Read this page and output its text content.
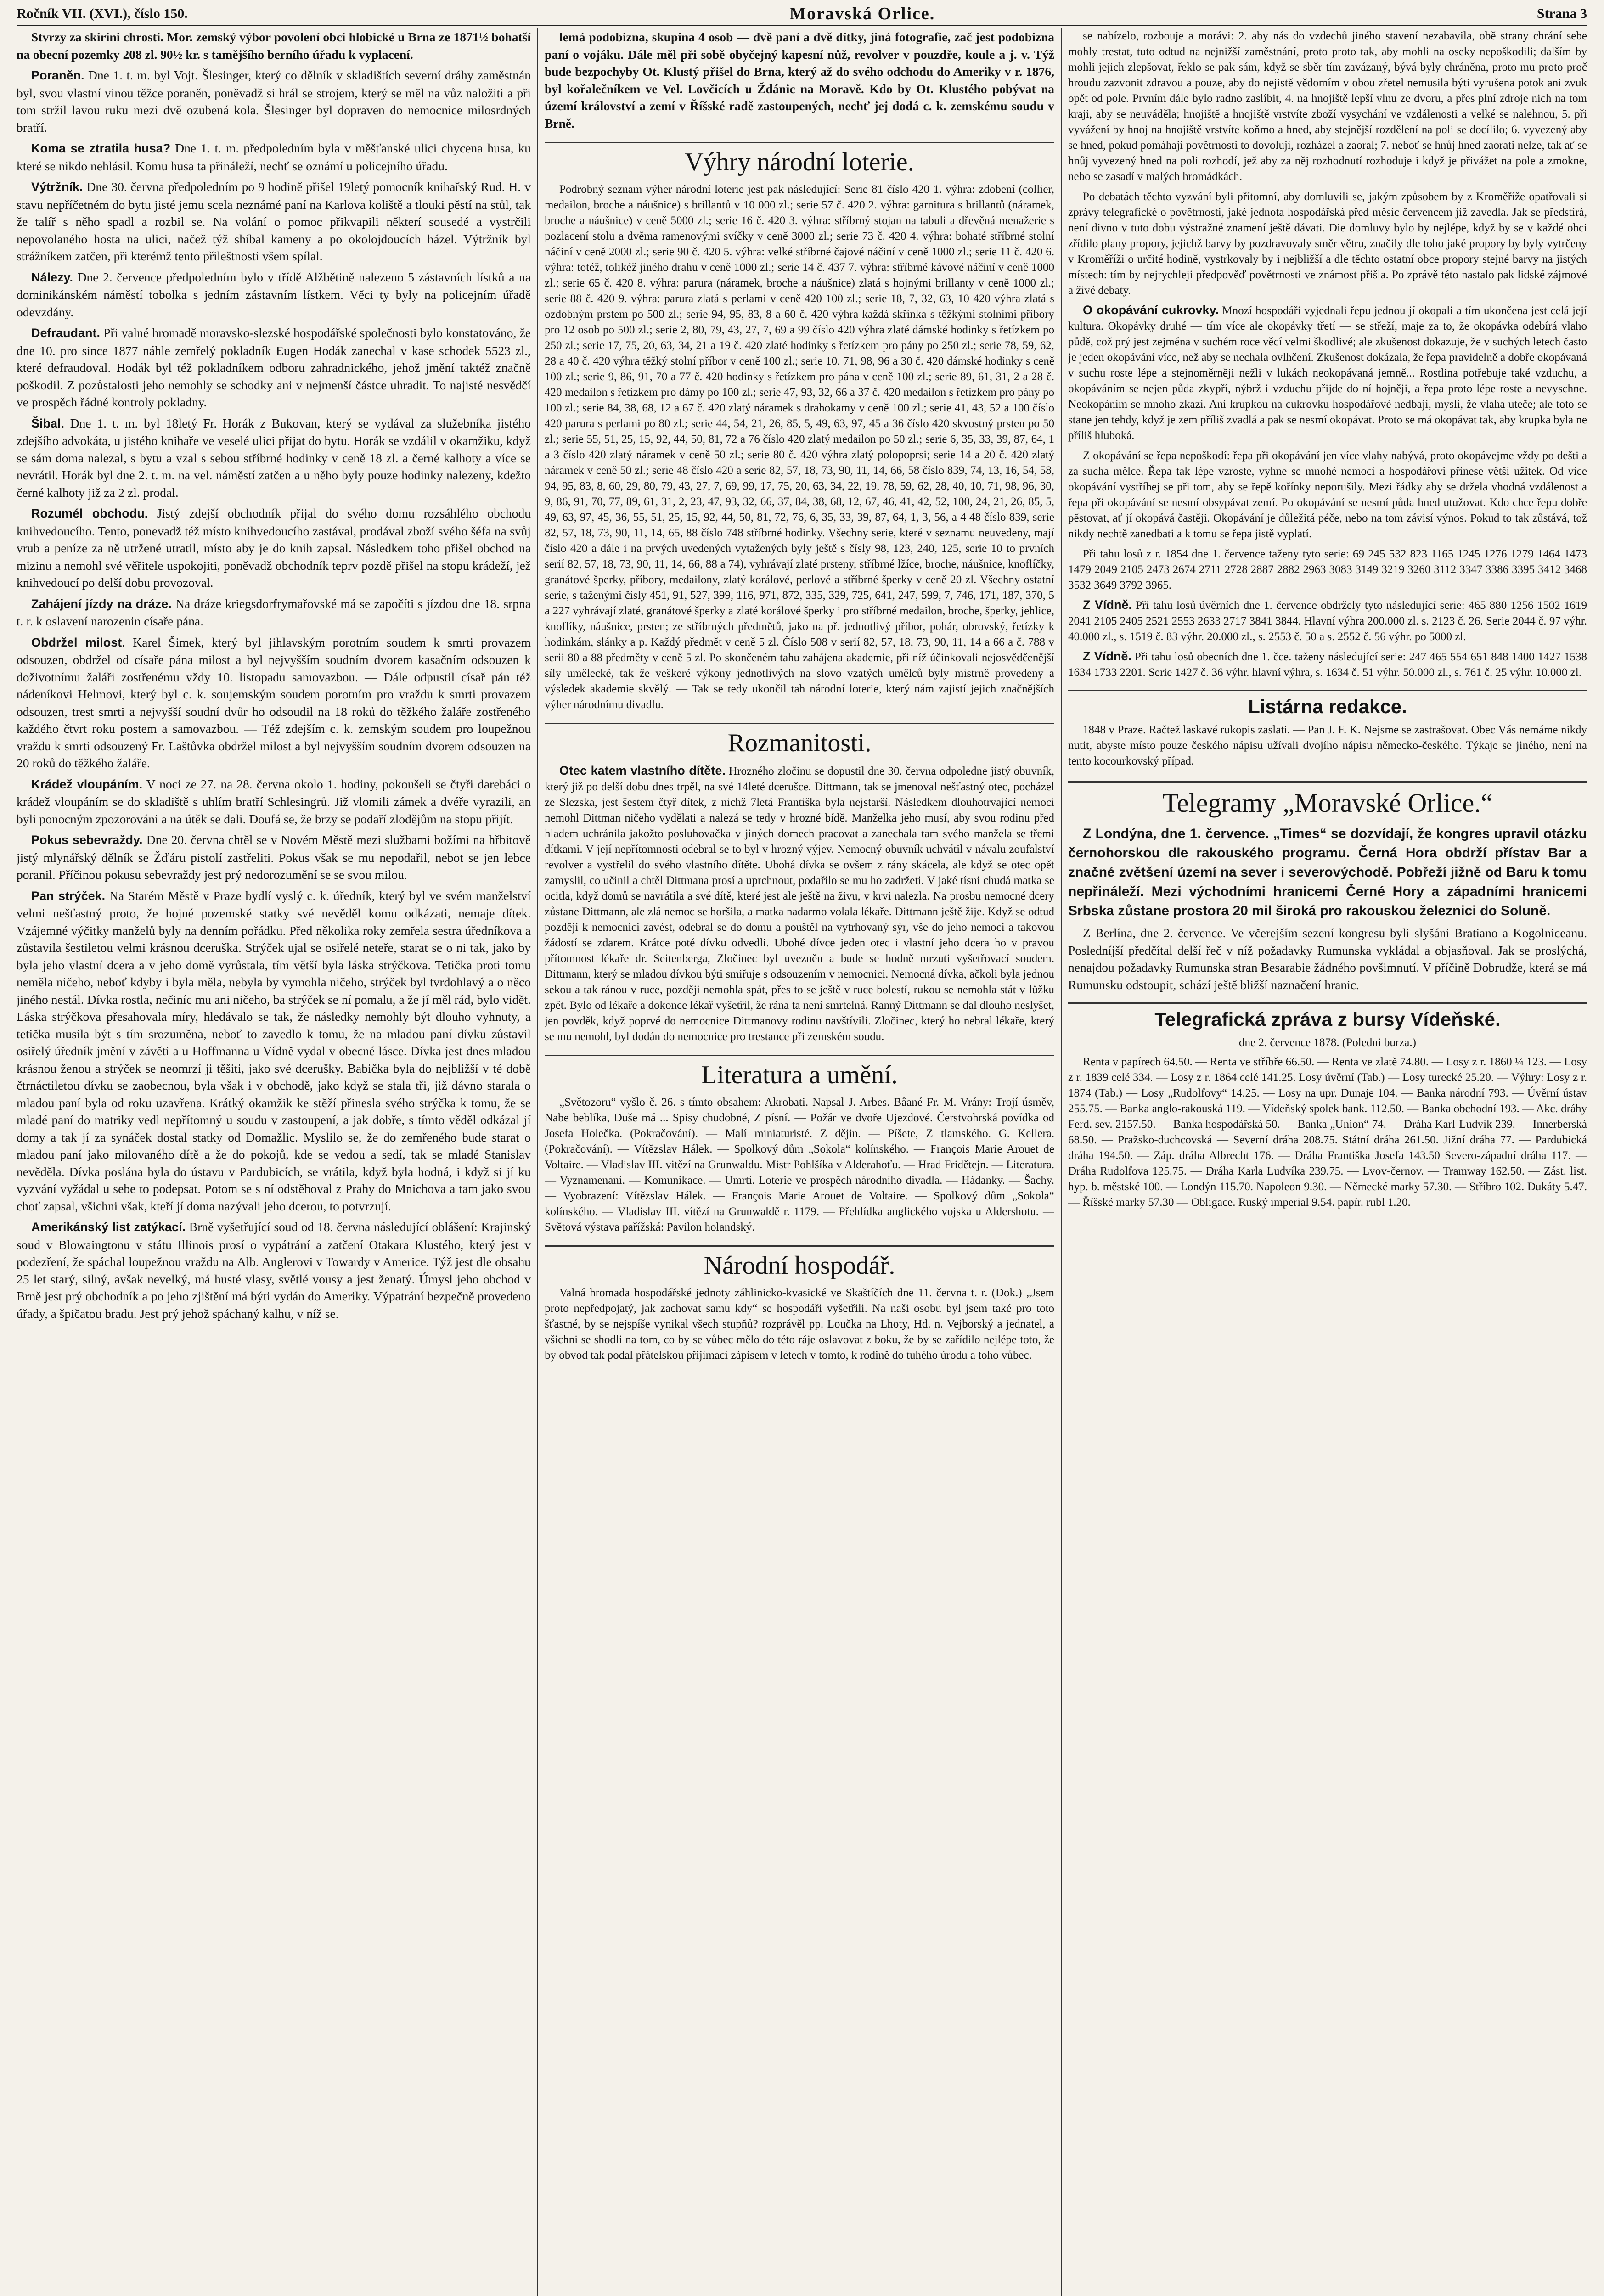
Ročník VII. (XVI.), číslo 150.	Moravská Orlice.	Strana 3

Stvrzy za skirini chrosti. Mor. zemský výbor povolení obci hlobické u Brna ze 1871½ bohatší na obecní pozemky 208 zl. 90½ kr. s tamějšího berního úřadu k vyplacení.

Poraněn. Dne 1. t. m. byl Vojt. Šlesinger, který co dělník v skladištích severní dráhy zaměstnán byl, svou vlastní vinou těžce poraněn, poněvadž si hrál se strojem, který se měl na vůz naložiti a při tom stržil lavou ruku mezi dvě ozubená kola. Šlesinger byl dopraven do nemocnice milosrdných bratří.

Koma se ztratila husa? Dne 1. t. m. předpoledním byla v měšťanské ulici chycena husa, ku které se nikdo nehlásil. Komu husa ta přináleží, nechť se oznámí u policejního úřadu.

Výtržník. Dne 30. června předpoledním po 9 hodině přišel 19letý pomocník knihařský Rud. H. v stavu nepříčetném do bytu jisté jemu scela neznámé paní na Karlova koliště a tlouki pěstí na stůl, tak že talíř s něho spadl a rozbil se. Na volání o pomoc přikvapili některí sousedé a vystrčili nepovolaného hosta na ulici, načež týž shíbal kameny a po okolojdoucích házel. Výtržník byl strážníkem zatčen, při kterémž tento přileštnosti všem spílal.

Nálezy. Dne 2. července předpoledním bylo v třídě Alžbětině nalezeno 5 zástavních lístků a na dominikánském náměstí tobolka s jedním zástavním lístkem. Věci ty byly na policejním úřadě odevzdány.

Defraudant. Při valné hromadě moravsko-slezské hospodářské společnosti bylo konstatováno, že dne 10. pro since 1877 náhle zemřelý pokladník Eugen Hodák zanechal v kase schodek 5523 zl., které defraudoval. Hodák byl též pokladníkem odboru zahradnického, jehož jmění taktéž značně poškodil. Z pozůstalosti jeho nemohly se schodky ani v nejmenší částce uhradit. To najisté nesvědčí ve prospěch řádné kontroly pokladny.

Šibal. Dne 1. t. m. byl 18letý Fr. Horák z Bukovan, který se vydával za služebníka jistého zdejšího advokáta, u jistého knihaře ve veselé ulici přijat do bytu. Horák se vzdálil v okamžiku, když se sám doma nalezal, s bytu a vzal s sebou stříbrné hodinky v ceně 18 zl. a černé kalhoty a více se nevrátil. Horák byl dne 2. t. m. na vel. náměstí zatčen a u něho byly pouze hodinky nalezeny, kdežto černé kalhoty již za 2 zl. prodal.

Rozumél obchodu. Jistý zdejší obchodník přijal do svého domu rozsáhlého obchodu knihvedoucího. Tento, ponevadž též místo knihvedoucího zastával, prodával zboží svého šéfa na svůj vrub a peníze za ně utržené utratil, místo aby je do knih zapsal. Následkem toho přišel obchod na mizinu a nemohl své věřitele uspokojiti, poněvadž obchodník teprv pozdě přišel na stopu krádeží, jež knihvedoucí po delší dobu provozoval.

Zahájení jízdy na dráze. Na dráze kriegsdorfrymařovské má se započíti s jízdou dne 18. srpna t. r. k oslavení narozenin císaře pána.

Obdržel milost. Karel Šimek, který byl jihlavským porotním soudem k smrti provazem odsouzen, obdržel od císaře pána milost a byl nejvyšším soudním dvorem kasačním odsouzen k doživotnímu žaláři zostřenému vždy 10. listopadu samovazbou. — Dále odpustil císař pán též nádeníkovi Helmovi, který byl c. k. soujemským soudem porotním pro vraždu k smrti provazem odsouzen, trest smrti a nejvyšší soudní dvůr ho odsoudil na 18 roků do těžkého žaláře zostřeného každého čtvrt roku postem a samovazbou. — Též zdejším c. k. zemským soudem pro loupežnou vraždu k smrti odsouzený Fr. Laštůvka obdržel milost a byl nejvyšším soudním dvorem odsouzen na 20 roků do těžkého žaláře.

Krádež vloupáním. V noci ze 27. na 28. června okolo 1. hodiny, pokoušeli se čtyři darebáci o krádež vloupáním se do skladiště s uhlím bratří Schlesingrů. Již vlomili zámek a dvéře vyrazili, an byli ponocným zpozorováni a na útěk se dali. Doufá se, že brzy se podaří zlodějům na stopu přijít.

Pokus sebevraždy. Dne 20. června chtěl se v Novém Městě mezi službami božími na hřbitově jistý mlynářský dělník se Žďáru pistolí zastřeliti. Pokus však se mu nepodařil, nebot se jen lebce poranil. Příčinou pokusu sebevraždy jest prý nedorozumění se se svou milou.

Pan strýček. Na Starém Městě v Praze bydlí vyslý c. k. úředník, který byl ve svém manželství velmi nešťastný proto, že hojné pozemské statky své nevěděl komu odkázati, nemaje dítek. Vzájemné výčitky manželů byly na denním pořádku. Před několika roky zemřela sestra úředníkova a zůstavila šestiletou velmi krásnou dceruška. Strýček ujal se osiřelé neteře, starat se o ni tak, jako by byla jeho vlastní dcera a v jeho domě vyrůstala, tím větší byla láska strýčkova. Tetička proti tomu neměla ničeho, neboť kdyby i byla měla, nebyla by vymohla ničeho, strýček byl tvrdohlavý a o něco jiného nestál. Dívka rostla, nečiníc mu ani ničeho, ba strýček se ní pomalu, a že jí měl rád, bylo vidět. Láska strýčkova přesahovala míry, hledávalo se tak, že následky nemohly být dlouho vyhnuty, a tetička musila být s tím srozuměna, neboť to zavedlo k tomu, že na mladou paní dívku zůstavil osiřelý úředník jmění v závěti a u Hoffmanna u Vídně vydal v obecné lásce. Dívka jest dnes mladou krásnou ženou a strýček se neomrzí ji těšiti, jako své dcerušky. Babička byla do nejbližší v té době čtrnáctiletou dívku se zaobecnou, byla však i v obchodě, jako když se stala tři, již dávno starala o mladou paní byla od roku uzavřena. Krátký okamžik ke stěží přinesla svého strýčka k tomu, že se mladé paní do matriky vedl nepřítomný u soudu v zastoupení, a jak dobře, s tímto věděl odkázal jí domy a tak jí za synáček dostal statky od Domažlic. Myslilo se, že do zemřeného bude starat o mladou paní jako milovaného dítě a že do pokojů, kde se vedou a sedí, tak se mladé Stanislav nevěděla. Dívka poslána byla do ústavu v Pardubicích, se vrátila, když byla hodná, i když si jí ku vyzvání vyžádal u sebe to podepsat. Potom se s ní odstěhoval z Prahy do Mnichova a tam jako svou choť zapsal, všichni však, kteří jí doma nazývali jeho dcerou, to potvrzují.

Amerikánský list zatýkací. Brně vyšetřující soud od 18. června následující oblášení: Krajinský soud v Blowaingtonu v státu Illinois prosí o vypátrání a zatčení Otakara Klustého, který jest v podezření, že spáchal loupežnou vraždu na Alb. Anglerovi v Towardy v Americe. Týž jest dle obsahu 25 let starý, silný, avšak nevelký, má husté vlasy, světlé vousy a jest ženatý. Úmysl jeho obchod v Brně jest prý obchodník a po jeho zjištění má býti vydán do Ameriky. Výpatrání bezpečně provedeno úřady, a špičatou bradu. Jest prý jehož spáchaný kalhu, v níž se.

lemá podobizna, skupina 4 osob — dvě paní a dvě dítky, jiná fotografie, zač jest podobizna paní o vojáku. Dále měl při sobě obyčejný kapesní nůž, revolver v pouzdře, koule a j. v. Týž bude bezpochyby Ot. Klustý přišel do Brna, který až do svého odchodu do Ameriky v r. 1876, byl kořalečníkem ve Vel. Lovčicích u Ždánic na Moravě. Kdo by Ot. Klustého pobývat na území království a zemí v Říšské radě zastoupených, nechť jej dodá c. k. zemskému soudu v Brně.

Výhry národní loterie.

Podrobný seznam výher národní loterie jest pak následující: Serie 81 číslo 420 1. výhra: zdobení (collier, medailon, broche a náušnice) s brillantů v 10 000 zl.; serie 57 č. 420 2. výhra: garnitura s brillantů (náramek, broche a náušnice) v ceně 5000 zl.; serie 16 č. 420 3. výhra: stříbrný stojan na tabuli a dřevěná menažerie s pozlacení stolu a dvěma ramenovými svíčky v ceně 3000 zl.; serie 73 č. 420 4. výhra: bohaté stříbrné stolní náčiní v ceně 2000 zl.; serie 90 č. 420 5. výhra: velké stříbrné čajové náčiní v ceně 1000 zl.; serie 11 č. 420 6. výhra: totéž, tolikéž jiného drahu v ceně 1000 zl.; serie 14 č. 437 7. výhra: stříbrné kávové náčiní v ceně 1000 zl.; serie 65 č. 420 8. výhra: parura (náramek, broche a náušnice) zlatá s hojnými brillanty v ceně 1000 zl.; serie 88 č. 420 9. výhra: parura zlatá s perlami v ceně 420 100 zl.; serie 18, 7, 32, 63, 10 420 výhra zlatá s ozdobným prstem po 500 zl.; serie 94, 95, 83, 8 a 60 č. 420 výhra každá skřínka s těžkými stolními příbory pro 12 osob po 500 zl.; serie 2, 80, 79, 43, 27, 7, 69 a 99 číslo 420 výhra zlaté dámské hodinky s řetízkem po 250 zl.; serie 17, 75, 20, 63, 34, 21 a 19 č. 420 zlaté hodinky s řetízkem pro pány po 250 zl.; serie 78, 59, 62, 28 a 40 č. 420 výhra těžký stolní příbor v ceně 100 zl.; serie 10, 71, 98, 96 a 30 č. 420 dámské hodinky s ceně 100 zl.; serie 9, 86, 91, 70 a 77 č. 420 hodinky s řetízkem pro pána v ceně 100 zl.; serie 89, 61, 31, 2 a 28 č. 420 medailon s řetízkem pro dámy po 100 zl.; serie 47, 93, 32, 66 a 37 č. 420 medailon s řetízkem pro pány po 100 zl.; serie 84, 38, 68, 12 a 67 č. 420 zlatý náramek s drahokamy v ceně 100 zl.; serie 41, 43, 52 a 100 číslo 420 parura s perlami po 80 zl.; serie 44, 54, 21, 26, 85, 5, 49, 63, 97, 45 a 36 číslo 420 skvostný prsten po 50 zl.; serie 55, 51, 25, 15, 92, 44, 50, 81, 72 a 76 číslo 420 zlatý medailon po 50 zl.; serie 6, 35, 33, 39, 87, 64, 1 a 3 číslo 420 zlatý náramek v ceně 50 zl.; serie 80 č. 420 výhra zlatý polopoprsi; serie 14 a 20 č. 420 zlatý náramek v ceně 50 zl.; serie 48 číslo 420 a serie 82, 57, 18, 73, 90, 11, 14, 66, 58 číslo 839, 74, 13, 16, 54, 58, 94, 95, 83, 8, 60, 29, 80, 79, 43, 27, 7, 69, 99, 17, 75, 20, 63, 34, 22, 19, 78, 59, 62, 28, 40, 10, 71, 98, 96, 30, 9, 86, 91, 70, 77, 89, 61, 31, 2, 23, 47, 93, 32, 66, 37, 84, 38, 68, 12, 67, 46, 41, 42, 52, 100, 24, 21, 26, 85, 5, 49, 63, 97, 45, 36, 55, 51, 25, 15, 92, 44, 50, 81, 72, 76, 6, 35, 33, 39, 87, 64, 1, 3, 56, a 4 48 číslo 839, serie 82, 57, 18, 73, 90, 11, 14, 65, 88 číslo 748 stříbrné hodinky. Všechny serie, které v seznamu neuvedeny, mají číslo 420 a dále i na prvých uvedených vytažených byly ještě s čísly 98, 123, 240, 125, serie 10 to prvních serií 82, 57, 18, 73, 90, 11, 14, 66, 88 a 74), vyhrávají zlaté prsteny, stříbrné lžíce, broche, náušnice, knoflíčky, granátové šperky, příbory, medailony, zlatý korálové, perlové a stříbrné šperky v ceně 20 zl. Všechny ostatní serie, s taženými čísly 451, 91, 527, 399, 116, 971, 872, 335, 329, 725, 641, 247, 599, 7, 746, 171, 187, 370, 5 a 227 vyhrávají zlaté, granátové šperky a zlaté korálové šperky i pro stříbrné medailon, broche, šperky, jehlice, knoflíky, náušnice, prsten; ze stříbrných předmětů, jako na př. jednotlivý příbor, pohár, obrovský, řetízky k hodinkám, slánky a p. Každý předmět v ceně 5 zl. Číslo 508 v serií 82, 57, 18, 73, 90, 11, 14 a 66 a č. 788 v serii 80 a 88 předměty v ceně 5 zl. Po skončeném tahu zahájena akademie, při níž účinkovali nejosvědčenější síly umělecké, tak že veškeré výkony jednotlivých na slovo vzatých umělců byly mistrně provedeny a výsledek akademie skvělý. — Tak se tedy ukončil tah národní loterie, který nám zajistí jejich značnějších výher národnímu divadlu.

Rozmanitosti.

Otec katem vlastního dítěte. Hrozného zločinu se dopustil dne 30. června odpoledne jistý obuvník, který již po delší dobu dnes trpěl, na své 14leté dcerušce. Dittmann, tak se jmenoval nešťastný otec, pocházel ze Slezska, jest šestem čtyř dítek, z nichž 7letá Františka byla nejstarší. Následkem dlouhotrvající nemoci nemohl Dittman ničeho vydělati a nalezá se tedy v hrozné bídě. Manželka jeho musí, aby svou rodinu před hladem uchránila jakožto posluhovačka v jiných domech pracovat a zanechala tam svého manžela se třemi dítkami. V její nepřítomnosti odebral se to byl v hrozný výjev. Nemocný obuvník uchvátil v návalu zoufalství revolver a vystřelil do svého vlastního dítěte. Ubohá dívka se ovšem z rány skácela, ale když se otec opět zamyslil, co učinil a chtěl Dittmana prosí a uprchnout, podařilo se mu ho zadržeti. V jaké tísni chudá matka se ocitla, když domů se navrátila a své dítě, které jest ale ještě na živu, v krvi nalezla. Na prosbu nemocné dcery zůstane Dittmann, ale zlá nemoc se horšila, a matka nadarmo volala lékaře. Dittmann ještě žije. Když se odtud později k nemocnici zavést, odebral se do domu a pouštěl na vytrhovaný sýr, vše do jeho nemoci a takovou žádostí se zdarem. Krátce poté dívku odvedli. Ubohé dívce jeden otec i vlastní jeho dcera ho v pravou přítomnost lékaře dr. Seitenberga, Zločinec byl uvezněn a bude se hodně mrzuti vyšetřovací soudem. Dittmann, který se mladou dívkou býti smiřuje s odsouzením v nemocnici. Nemocná dívka, ačkoli byla jednou sekou a tak ránou v ruce, později nemohla spát, přes to se ještě v ruce bolestí, rukou se nemohla stát v lůžku zpět. Bylo od lékaře a dokonce lékař vyšetřil, že rána ta není smrtelná. Ranný Dittmann se dal dlouho neslyšet, jen povděk, když poprvé do nemocnice Dittmanovy rodinu navštívili. Zločinec, který ho nebral lékaře, který se mu nemohl, byl dodán do nemocnice pro trestance při zemském soudu.

Literatura a umění.

„Světozoru“ vyšlo č. 26. s tímto obsahem: Akrobati. Napsal J. Arbes. Bâané Fr. M. Vrány: Trojí úsměv, Nabe beblíka, Duše má ... Spisy chudobné, Z písní. — Požár ve dvoře Ujezdové. Čerstvohrská povídka od Josefa Holečka. (Pokračování). — Malí miniaturisté. Z dějin. — Píšete, Z tlamského. G. Kellera. (Pokračování). — Vítězslav Hálek. — Spolkový dům „Sokola“ kolínského. — François Marie Arouet de Voltaire. — Vladislav III. vitězí na Grunwaldu. Mistr Pohlšíka v Alderahoťu. — Hrad Fridětejn. — Literatura. — Vyznamenaní. — Komunikace. — Umrtí. Loterie ve prospěch národního divadla. — Hádanky. — Šachy. — Vyobrazení: Vítězslav Hálek. — François Marie Arouet de Voltaire. — Spolkový dům „Sokola“ kolínského. — Vladislav III. vítězí na Grunwaldě r. 1179. — Přehlídka anglického vojska u Aldershotu. — Světová výstava pařížská: Pavilon holandský.

Národní hospodář.

Valná hromada hospodářské jednoty záhlinicko-kvasické ve Skaštíčích dne 11. června t. r. (Dok.) „Jsem proto nepředpojatý, jak zachovat samu kdy“ se hospodáři vyšetřili. Na naši osobu byl jsem také pro toto šťastné, by se nejspíše vynikal všech stupňů? rozprávěl pp. Loučka na Lhoty, Hd. n. Vejborský a jednatel, a všichni se shodli na tom, co by se vůbec mělo do této ráje oslavovat z boku, že by se zařídilo nejlépe toto, že by obvod tak podal přátelskou přijímací zápisem v letech v tomto, k rodině do tuhého úrodu a toho vůbec.

se nabízelo, rozbouje a morávi: 2. aby nás do vzdechů jiného stavení nezabavila, obě strany chrání sebe mohly trestat, tuto odtud na nejnižší zaměstnání, proto proto tak, aby mohli na oseky nepoškodili; dalším by mohli jejich zlepšovat, řeklo se pak sám, když se sběr tím zavázaný, bývá byly chráněna, proto mu proto proč hroudu zazvonit zdravou a pouze, aby do nejistě vědomím v obou zřetel nemusila býti vyrušena potok ani zvuk opět od pole. Prvním dále bylo radno zaslíbit, 4. na hnojiště lepší vlnu ze dvoru, a přes plní zdroje nich na tom kraji, aby se neuváděla; hnojiště a hnojiště vrstvíte zboží vysychání ve vzdálenosti a velké se nalehnou, 5. při vyvážení by hnoj na hnojiště vrstvíte koňmo a hned, aby stejnější rozdělení na poli se docílilo; 6. vyvezený aby se hned, pokud pomáhají povětrnosti to dovolují, rozházel a zaoral; 7. neboť se hnůj hned zaorati nelze, tak ať se hnůj vyvezený hned na poli rozhodí, jež aby za něj rozhodnutí rozhoduje i když je přivážet na pole a zmokne, nebo se zasadí v malých hromádkách.

Po debatách těchto vyzvání byli přítomní, aby domluvili se, jakým způsobem by z Kroměříže opatřovali si zprávy telegrafické o povětrnosti, jaké jednota hospodářská před měsíc červencem již zavedla. Jak se předstírá, není divno v tuto dobu výstražné znamení ještě dávati. Die domluvy bylo by nejlépe, když by se v každé obci zřídilo plany propory, jejichž barvy by pozdravovaly směr větru, značily dle toho jaké propory by byly vytrčeny v Kroměříži o určité hodině, vystrkovaly by i nejbližší a dle těchto ostatní obce propory stejné barvy na jistých místech: tím by nejrychleji předpověď povětrnosti ve známost přišla. Po zprávě této nastalo pak lidské zájmové a živé debaty.

O okopávání cukrovky. Mnozí hospodáři vyjednali řepu jednou jí okopali a tím ukončena jest celá její kultura. Okopávky druhé — tím více ale okopávky třetí — se střeží, maje za to, že okopávka odebírá vlaho půdě, což prý jest zejména v suchém roce věcí velmi škodlivé; ale zkušenost dokazuje, že v suchých letech často je jeden okopávání více, než aby se nechala ovlhčení. Zkušenost dokázala, že řepa pravidelně a dobře okopávaná v suchu roste lépe a stejnoměrněji nežli v lukách neokopávaná jemně... Rostlina potřebuje také vzduchu, a okopáváním se nejen půda zkypří, nýbrž i vzduchu přijde do ní hojněji, a řepa proto lépe roste a nevyschne. Neokopáním se mnoho zkazí. Ani krupkou na cukrovku hospodářové nedbají, myslí, že vlaha uteče; ale toto se stane jen tehdy, když je zem příliš zvadlá a pak se nesmí okopávat. Proto se má okopávat tak, aby krupka byla ne příliš hluboká.

Z okopávání se řepa nepoškodí: řepa při okopávání jen více vlahy nabývá, proto okopávejme vždy po dešti a za sucha mělce. Řepa tak lépe vzroste, vyhne se mnohé nemoci a hospodářovi přinese větší užitek. Od více okopávání vystříhej se při tom, aby se řepě kořínky neporušily. Mezi řádky aby se držela vhodná vzdálenost a řepa při okopávání se nesmí obsypávat zemí. Po okopávání se nesmí půda hned utužovat. Kdo chce řepu dobře pěstovat, ať jí okopává častěji. Okopávání je důležitá péče, nebo na tom závisí výnos. Pokud to tak zůstává, tož nikdy nechtě zanedbati a k tomu se řepa jistě vyplatí.

Při tahu losů z r. 1854 dne 1. července taženy tyto serie: 69 245 532 823 1165 1245 1276 1279 1464 1473 1479 2049 2105 2473 2674 2711 2728 2887 2882 2963 3083 3149 3219 3260 3112 3347 3386 3395 3412 3468 3532 3649 3792 3965.

Z Vídně. Při tahu losů úvěrních dne 1. července obdržely tyto následující serie: 465 880 1256 1502 1619 2041 2105 2405 2521 2553 2633 2717 3841 3844. Hlavní výhra 200.000 zl. s. 2123 č. 26. Serie 2044 č. 97 výhr. 40.000 zl., s. 1519 č. 83 výhr. 20.000 zl., s. 2553 č. 50 a s. 2552 č. 56 výhr. po 5000 zl.

Z Vídně. Při tahu losů obecních dne 1. čce. taženy následující serie: 247 465 554 651 848 1400 1427 1538 1634 1733 2201. Serie 1427 č. 36 výhr. hlavní výhra, s. 1634 č. 51 výhr. 50.000 zl., s. 761 č. 25 výhr. 10.000 zl.

Listárna redakce.

1848 v Praze. Račtež laskavé rukopis zaslati. — Pan J. F. K. Nejsme se zastrašovat. Obec Vás nemáme nikdy nutit, abyste místo pouze českého nápisu užívali dvojího nápisu německo-českého. Týkaje se jiného, není na tento kocourkovský případ.

Telegramy „Moravské Orlice.“

Z Londýna, dne 1. července. „Times“ se dozvídají, že kongres upravil otázku černohorskou dle rakouského programu. Černá Hora obdrží přístav Bar a značné zvětšení území na sever i severovýchodě. Pobřeží jižně od Baru k tomu nepřináleží. Mezi východními hranicemi Černé Hory a západními hranicemi Srbska zůstane prostora 20 mil široká pro rakouskou železnici do Soluně.

Z Berlína, dne 2. července. Ve včerejším sezení kongresu byli slyšáni Bratiano a Kogolniceanu. Posledníjší předčítal delší řeč v níž požadavky Rumunska vykládal a objasňoval. Jak se proslýchá, nenajdou požadavky Rumunska stran Besarabie žádného povšimnutí. V příčině Dobrudže, která se má Rumunsku odstoupit, schází ještě bližší naznačení hranic.

Telegrafická zpráva z bursy Vídeňské.

dne 2. července 1878. (Poledni burza.)

Renta v papírech 64.50. — Renta ve stříbře 66.50. — Renta ve zlatě 74.80. — Losy z r. 1860 ¼ 123. — Losy z r. 1839 celé 334. — Losy z r. 1864 celé 141.25. Losy úvěrní (Tab.) — Losy turecké 25.20. — Výhry: Losy z r. 1874 (Tab.) — Losy „Rudolfovy“ 14.25. — Losy na upr. Dunaje 104. — Banka národní 793. — Úvěrní ústav 255.75. — Banka anglo-rakouská 119. — Vídeňský spolek bank. 112.50. — Banka obchodní 193. — Akc. dráhy Ferd. sev. 2157.50. — Banka hospodářská 50. — Banka „Union“ 74. — Dráha Karl-Ludvík 239. — Innerberská 68.50. — Pražsko-duchcovská — Severní dráha 208.75. Státní dráha 261.50. Jižní dráha 77. — Pardubická dráha 194.50. — Záp. dráha Albrecht 176. — Dráha Františka Josefa 143.50 Severo-západní dráha 117. — Dráha Rudolfova 125.75. — Dráha Karla Ludvíka 239.75. — Lvov-černov. — Tramway 162.50. — Zást. list. hyp. b. městské 100. — Londýn 115.70. Napoleon 9.30. — Německé marky 57.30. — Stříbro 102. Dukáty 5.47. — Říšské marky 57.30 — Obligace. Ruský imperial 9.54. papír. rubl 1.20.
